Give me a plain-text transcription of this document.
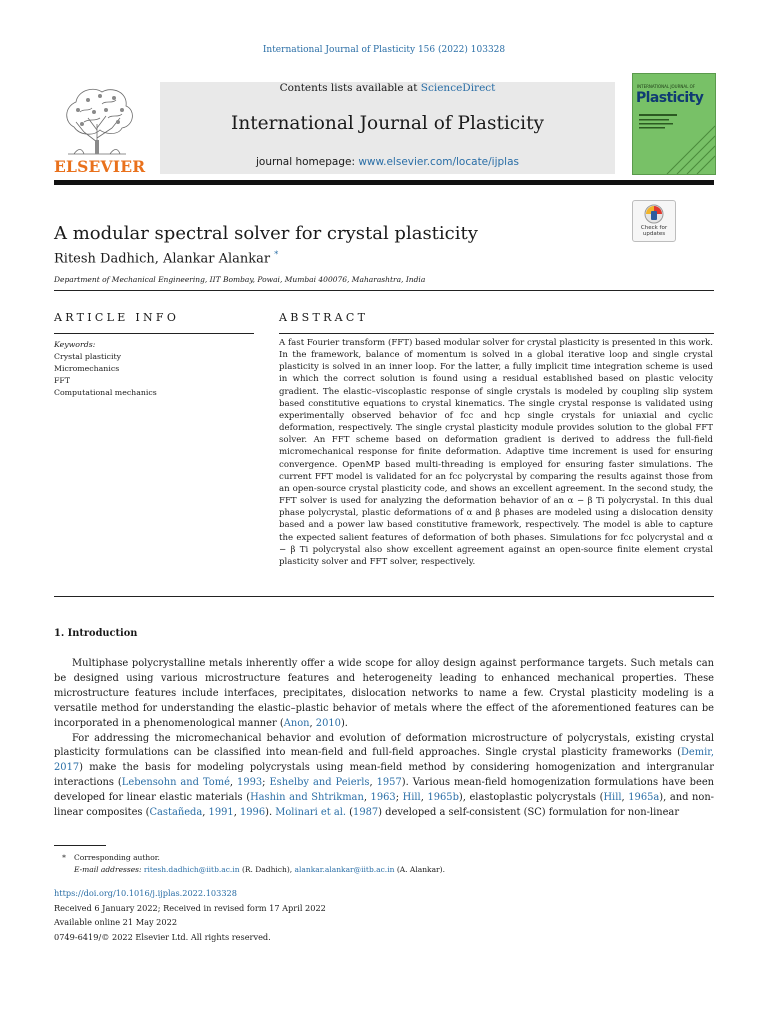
International Journal of Plasticity 156 (2022) 103328
ELSEVIER
Contents lists available at ScienceDirect
International Journal of Plasticity
journal homepage: www.elsevier.com/locate/ijplas
INTERNATIONAL JOURNAL OF
Plasticity
Check for
updates
A modular spectral solver for crystal plasticity
Ritesh Dadhich, Alankar Alankar *
Department of Mechanical Engineering, IIT Bombay, Powai, Mumbai 400076, Maharashtra, India
ARTICLE INFO
Keywords:
Crystal plasticity
Micromechanics
FFT
Computational mechanics
ABSTRACT
A fast Fourier transform (FFT) based modular solver for crystal plasticity is presented in this work. In the framework, balance of momentum is solved in a global iterative loop and single crystal plasticity is solved in an inner loop. For the latter, a fully implicit time integration scheme is used in which the correct solution is found using a residual established based on plastic velocity gradient. The elastic–viscoplastic response of single crystals is modeled by coupling slip system based constitutive equations to crystal kinematics. The single crystal response is validated using experimentally observed behavior of fcc and hcp single crystals for uniaxial and cyclic deformation, respectively. The single crystal plasticity module provides solution to the global FFT solver. An FFT scheme based on deformation gradient is derived to address the full-field micromechanical response for finite deformation. Adaptive time increment is used for ensuring convergence. OpenMP based multi-threading is employed for ensuring faster simulations. The current FFT model is validated for an fcc polycrystal by comparing the results against those from an open-source crystal plasticity code, and shows an excellent agreement. In the second study, the FFT solver is used for analyzing the deformation behavior of an α − β Ti polycrystal. In this dual phase polycrystal, plastic deformations of α and β phases are modeled using a dislocation density based and a power law based constitutive framework, respectively. The model is able to capture the expected salient features of deformation of both phases. Simulations for fcc polycrystal and α − β Ti polycrystal also show excellent agreement against an open-source finite element crystal plasticity solver and FFT solver, respectively.
1. Introduction

Multiphase polycrystalline metals inherently offer a wide scope for alloy design against performance targets. Such metals can be designed using various microstructure features and heterogeneity leading to enhanced mechanical properties. These microstructure features include interfaces, precipitates, dislocation networks to name a few. Crystal plasticity modeling is a versatile method for understanding the elastic–plastic behavior of metals where the effect of the aforementioned features can be incorporated in a phenomenological manner (Anon, 2010).

For addressing the micromechanical behavior and evolution of deformation microstructure of polycrystals, existing crystal plasticity formulations can be classified into mean-field and full-field approaches. Single crystal plasticity frameworks (Demir, 2017) make the basis for modeling polycrystals using mean-field method by considering homogenization and intergranular interactions (Lebensohn and Tomé, 1993; Eshelby and Peierls, 1957). Various mean-field homogenization formulations have been developed for linear elastic materials (Hashin and Shtrikman, 1963; Hill, 1965b), elastoplastic polycrystals (Hill, 1965a), and non-linear composites (Castañeda, 1991, 1996). Molinari et al. (1987) developed a self-consistent (SC) formulation for non-linear

* Corresponding author.
E-mail addresses: ritesh.dadhich@iitb.ac.in (R. Dadhich), alankar.alankar@iitb.ac.in (A. Alankar).
https://doi.org/10.1016/j.ijplas.2022.103328
Received 6 January 2022; Received in revised form 17 April 2022
Available online 21 May 2022
0749-6419/© 2022 Elsevier Ltd. All rights reserved.
